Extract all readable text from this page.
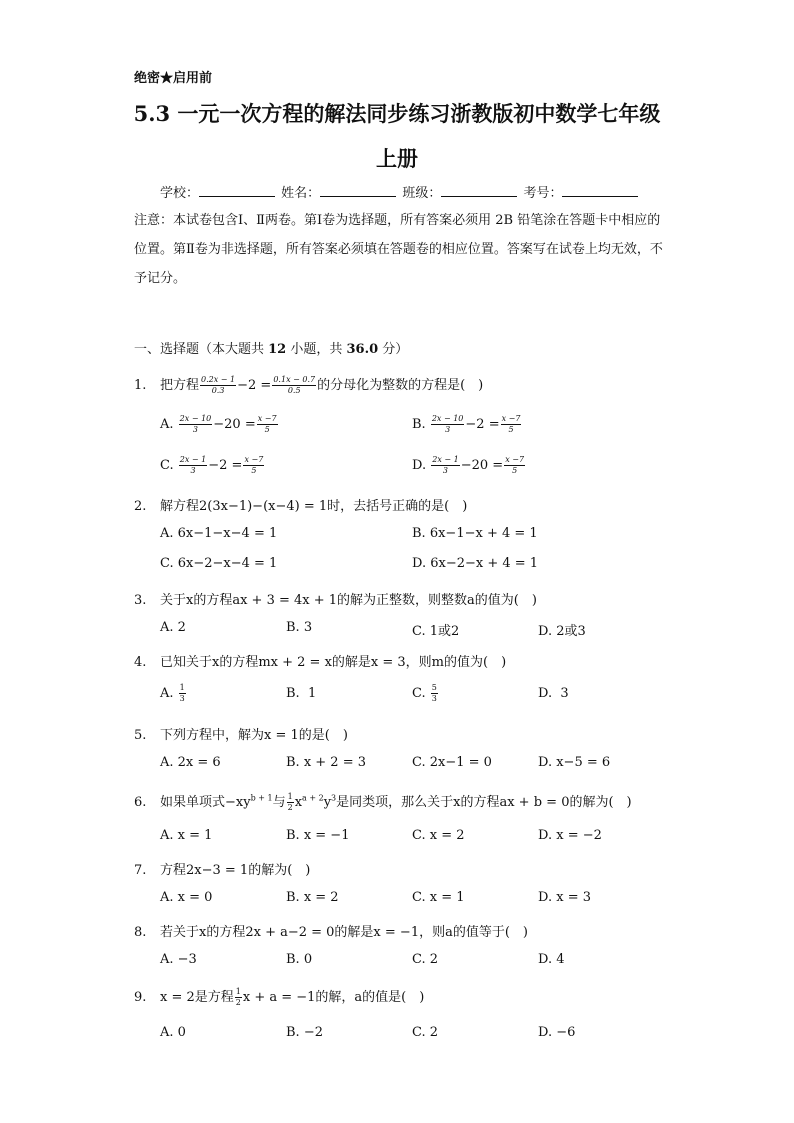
绝密★启用前
5.3 一元一次方程的解法同步练习浙教版初中数学七年级
上册
学校：	姓名：	班级：	考号：
注意：本试卷包含Ⅰ、Ⅱ两卷。第Ⅰ卷为选择题，所有答案必须用 2B 铅笔涂在答题卡中相应的位置。第Ⅱ卷为非选择题，所有答案必须填在答题卷的相应位置。答案写在试卷上均无效，不予记分。
一、选择题（本大题共 12 小题，共 36.0 分）
1. 把方程 $\frac{0.2x - 1}{0.3} -2 = \frac{0.1x - 0.7}{0.5}$ 的分母化为整数的方程是(　)
A. $\frac{2x - 10}{3} -20 = \frac{x -7}{5}$	B. $\frac{2x - 10}{3} -2 = \frac{x -7}{5}$
C. $\frac{2x - 1}{3} -2 = \frac{x -7}{5}$	D. $\frac{2x - 1}{3} -20 = \frac{x -7}{5}$
2. 解方程2(3x−1)−(x−4) = 1时，去括号正确的是(　)
A. 6x−1−x−4 = 1	B. 6x−1−x + 4 = 1
C. 6x−2−x−4 = 1	D. 6x−2−x + 4 = 1
3. 关于x的方程ax + 3 = 4x + 1的解为正整数，则整数a的值为(　)
A. 2	B. 3	C. 1或2	D. 2或3
4. 已知关于x的方程mx + 2 = x的解是x = 3，则m的值为(　)
A. $\frac{1}{3}$	B. 1	C. $\frac{5}{3}$	D. 3
5. 下列方程中，解为x = 1的是(　)
A. 2x = 6	B. x + 2 = 3	C. 2x−1 = 0	D. x−5 = 6
6. 如果单项式$-xy^{b + 1}$与 $\frac{1}{2} x^{a + 2}y^3$是同类项，那么关于x的方程ax + b = 0的解为(　)
A. x = 1	B. x = −1	C. x = 2	D. x = −2
7. 方程2x−3 = 1的解为(　)
A. x = 0	B. x = 2	C. x = 1	D. x = 3
8. 若关于x的方程2x + a−2 = 0的解是x = −1，则a的值等于(　)
A. −3	B. 0	C. 2	D. 4
9. x = 2是方程 $\frac{1}{2}$ x + a = −1的解，a的值是(　)
A. 0	B. −2	C. 2	D. −6
